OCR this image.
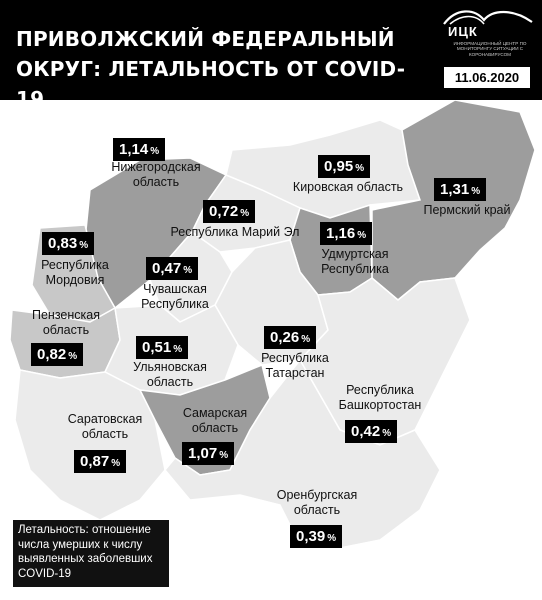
ПРИВОЛЖСКИЙ ФЕДЕРАЛЬНЫЙ
ОКРУГ: ЛЕТАЛЬНОСТЬ ОТ COVID-19
ИЦК
ИНФОРМАЦИОННЫЙ ЦЕНТР ПО МОНИТОРИНГУ СИТУАЦИИ С КОРОНАВИРУСОМ
11.06.2020
1,14 %
Нижегородская
область
0,95 %
Кировская область	1,31 %
Пермский край
0,72 %
Республика Марий Эл	1,16 %
Удмуртская
Республика
0,83 %
Республика
Мордовия
0,47 %
Чувашская
Республика
Пензенская
область
0,82 %
0,26 %
Республика
Татарстан
0,51 %
Ульяновская
область
Республика
Башкортостан
0,42 %
Саратовская
область
0,87 %
Самарская
область
1,07 %
Оренбургская
область
0,39 %
Летальность: отношение
числа умерших к числу
выявленных заболевших
COVID-19
